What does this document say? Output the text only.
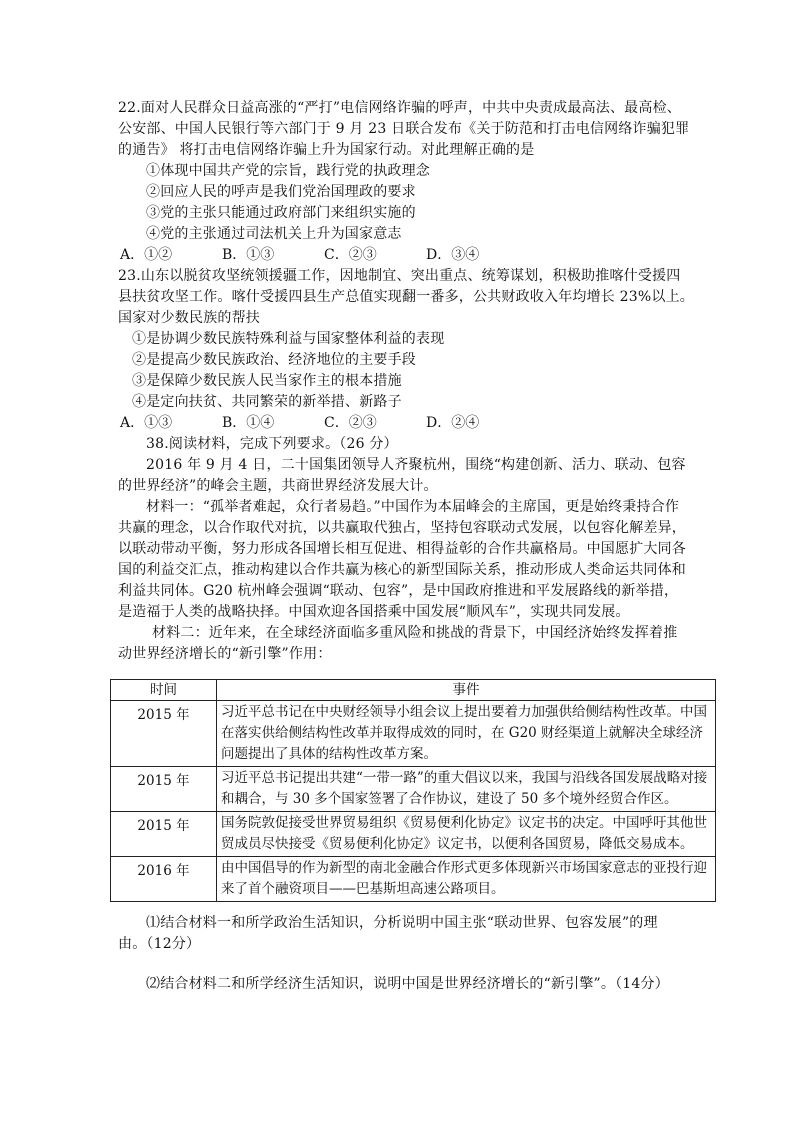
22.面对人民群众日益高涨的“严打”电信网络诈骗的呼声，中共中央责成最高法、最高检、
公安部、中国人民银行等六部门于 9 月 23 日联合发布《关于防范和打击电信网络诈骗犯罪
的通告》 将打击电信网络诈骗上升为国家行动。对此理解正确的是
①体现中国共产党的宗旨，践行党的执政理念
②回应人民的呼声是我们党治国理政的要求
③党的主张只能通过政府部门来组织实施的
④党的主张通过司法机关上升为国家意志
A．①②	B．①③	C．②③	D．③④
23.山东以脱贫攻坚统领援疆工作，因地制宜、突出重点、统筹谋划，积极助推喀什受援四
县扶贫攻坚工作。喀什受援四县生产总值实现翻一番多，公共财政收入年均增长 23%以上。
国家对少数民族的帮扶
①是协调少数民族特殊利益与国家整体利益的表现
②是提高少数民族政治、经济地位的主要手段
③是保障少数民族人民当家作主的根本措施
④是定向扶贫、共同繁荣的新举措、新路子
A．①③	B．①④	C．②③	D．②④
38.阅读材料，完成下列要求。（26 分）
2016 年 9 月 4 日，二十国集团领导人齐聚杭州，围绕“构建创新、活力、联动、包容
的世界经济”的峰会主题，共商世界经济发展大计。
材料一：“孤举者难起，众行者易趋。”中国作为本届峰会的主席国，更是始终秉持合作
共赢的理念，以合作取代对抗，以共赢取代独占，坚持包容联动式发展，以包容化解差异，
以联动带动平衡，努力形成各国增长相互促进、相得益彰的合作共赢格局。中国愿扩大同各
国的利益交汇点，推动构建以合作共赢为核心的新型国际关系，推动形成人类命运共同体和
利益共同体。G20 杭州峰会强调“联动、包容”，是中国政府推进和平发展路线的新举措，
是造福于人类的战略抉择。中国欢迎各国搭乘中国发展“顺风车”，实现共同发展。
材料二：近年来，在全球经济面临多重风险和挑战的背景下，中国经济始终发挥着推
动世界经济增长的“新引擎”作用：
时间	事件
2015 年	习近平总书记在中央财经领导小组会议上提出要着力加强供给侧结构性改革。中国在落实供给侧结构性改革并取得成效的同时，在 G20 财经渠道上就解决全球经济问题提出了具体的结构性改革方案。
2015 年	习近平总书记提出共建“一带一路”的重大倡议以来，我国与沿线各国发展战略对接和耦合，与 30 多个国家签署了合作协议，建设了 50 多个境外经贸合作区。
2015 年	国务院敦促接受世界贸易组织《贸易便利化协定》议定书的决定。中国呼吁其他世贸成员尽快接受《贸易便利化协定》议定书，以便利各国贸易，降低交易成本。
2016 年	由中国倡导的作为新型的南北金融合作形式更多体现新兴市场国家意志的亚投行迎来了首个融资项目——巴基斯坦高速公路项目。
⑴结合材料一和所学政治生活知识，分析说明中国主张“联动世界、包容发展”的理
由。（12分）
⑵结合材料二和所学经济生活知识，说明中国是世界经济增长的“新引擎”。（14分）
